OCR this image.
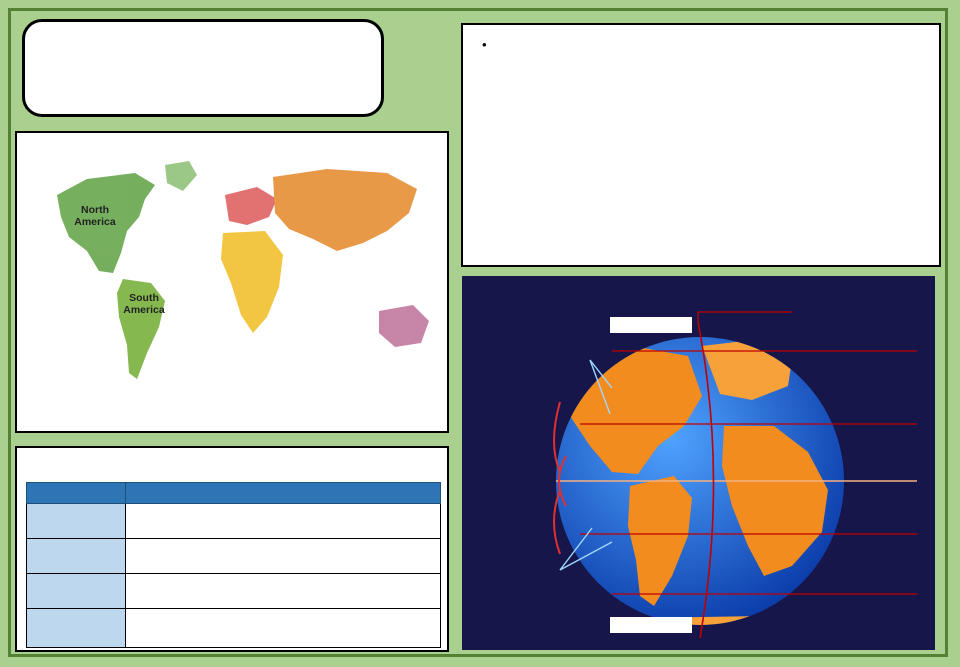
North
America
South
America
